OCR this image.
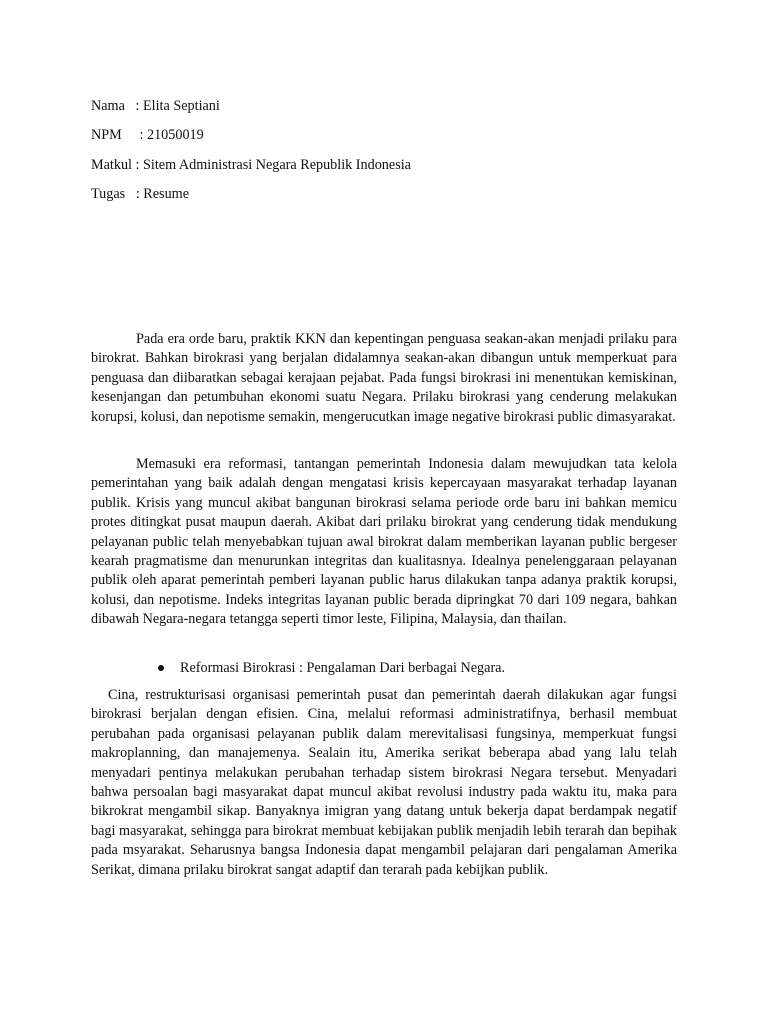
Nama   : Elita Septiani
NPM     : 21050019
Matkul : Sitem Administrasi Negara Republik Indonesia
Tugas   : Resume

Pada era orde baru, praktik KKN dan kepentingan penguasa seakan-akan menjadi prilaku para birokrat. Bahkan birokrasi yang berjalan didalamnya seakan-akan dibangun untuk memperkuat para penguasa dan diibaratkan sebagai kerajaan pejabat. Pada fungsi birokrasi ini menentukan kemiskinan, kesenjangan dan petumbuhan ekonomi suatu Negara. Prilaku birokrasi yang cenderung melakukan korupsi, kolusi, dan nepotisme semakin, mengerucutkan image negative birokrasi public dimasyarakat.

Memasuki era reformasi, tantangan pemerintah Indonesia dalam mewujudkan tata kelola pemerintahan yang baik adalah dengan mengatasi krisis kepercayaan masyarakat terhadap layanan publik. Krisis yang muncul akibat bangunan birokrasi selama periode orde baru ini bahkan memicu protes ditingkat pusat maupun daerah. Akibat dari prilaku birokrat yang cenderung tidak mendukung pelayanan public telah menyebabkan tujuan awal birokrat dalam memberikan layanan public bergeser kearah pragmatisme dan menurunkan integritas dan kualitasnya. Idealnya penelenggaraan pelayanan publik oleh aparat pemerintah pemberi layanan public harus dilakukan tanpa adanya praktik korupsi, kolusi, dan nepotisme. Indeks integritas layanan public berada dipringkat 70 dari 109 negara, bahkan dibawah Negara-negara tetangga seperti timor leste, Filipina, Malaysia, dan thailan.

Reformasi Birokrasi : Pengalaman Dari berbagai Negara.

Cina, restrukturisasi organisasi pemerintah pusat dan pemerintah daerah dilakukan agar fungsi birokrasi berjalan dengan efisien. Cina, melalui reformasi administratifnya, berhasil membuat perubahan pada organisasi pelayanan publik dalam merevitalisasi fungsinya, memperkuat fungsi makroplanning, dan manajemenya. Sealain itu, Amerika serikat beberapa abad yang lalu telah menyadari pentinya melakukan perubahan terhadap sistem birokrasi Negara tersebut. Menyadari bahwa persoalan bagi masyarakat dapat muncul akibat revolusi industry pada waktu itu, maka para bikrokrat mengambil sikap. Banyaknya imigran yang datang untuk bekerja dapat berdampak negatif bagi masyarakat, sehingga para birokrat membuat kebijakan publik menjadih lebih terarah dan bepihak pada msyarakat. Seharusnya bangsa Indonesia dapat mengambil pelajaran dari pengalaman Amerika Serikat, dimana prilaku birokrat sangat adaptif dan terarah pada kebijkan publik.
